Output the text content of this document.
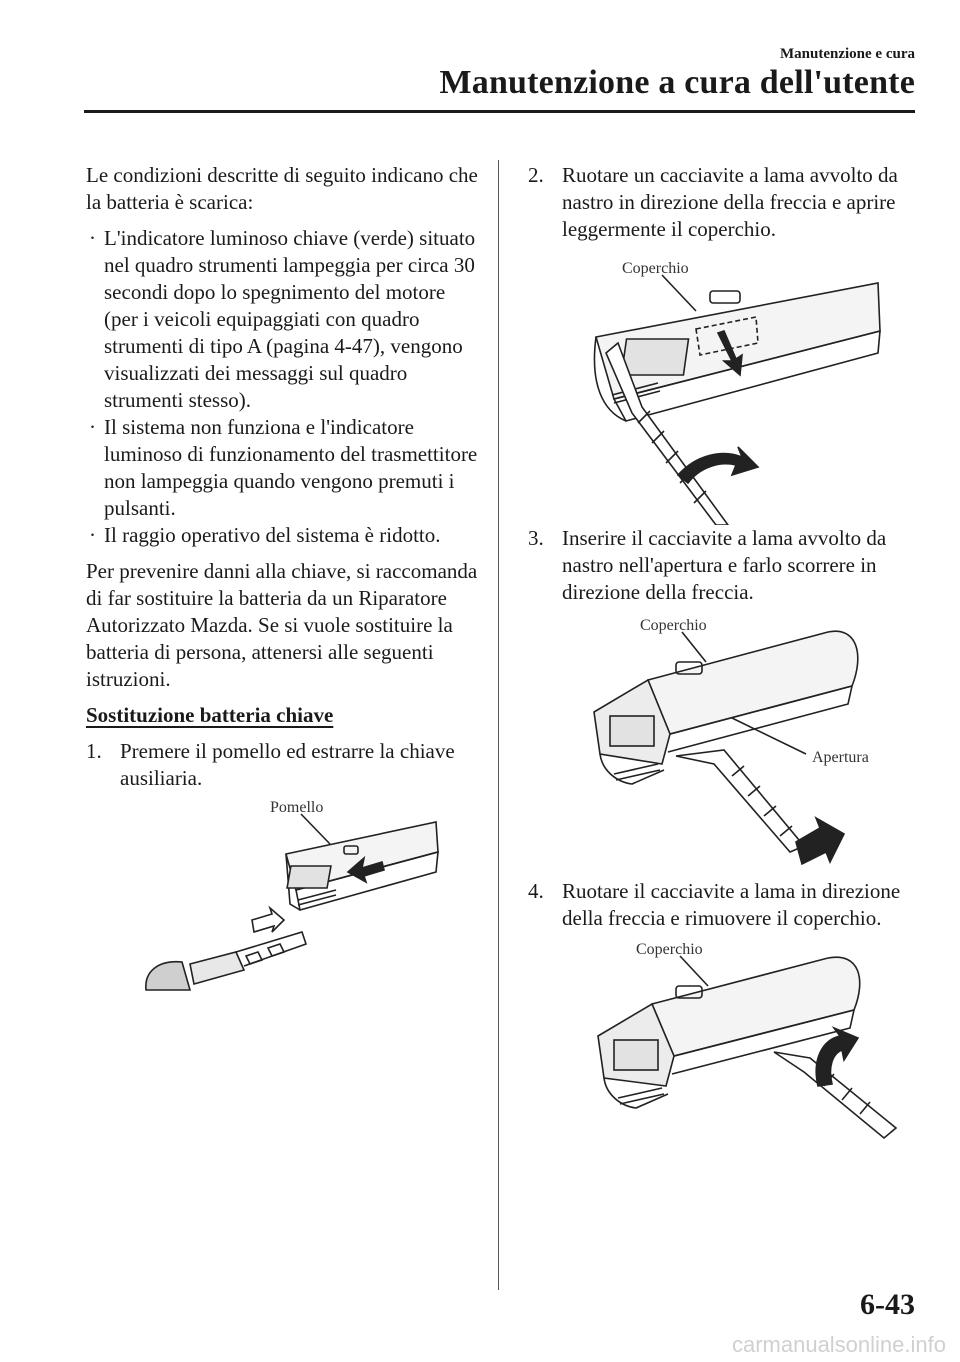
Manutenzione e cura
Manutenzione a cura dell'utente

Le condizioni descritte di seguito indicano che la batteria è scarica:

· L'indicatore luminoso chiave (verde) situato nel quadro strumenti lampeggia per circa 30 secondi dopo lo spegnimento del motore (per i veicoli equipaggiati con quadro strumenti di tipo A (pagina 4-47), vengono visualizzati dei messaggi sul quadro strumenti stesso).
· Il sistema non funziona e l'indicatore luminoso di funzionamento del trasmettitore non lampeggia quando vengono premuti i pulsanti.
· Il raggio operativo del sistema è ridotto.

Per prevenire danni alla chiave, si raccomanda di far sostituire la batteria da un Riparatore Autorizzato Mazda. Se si vuole sostituire la batteria di persona, attenersi alle seguenti istruzioni.

Sostituzione batteria chiave

1. Premere il pomello ed estrarre la chiave ausiliaria.
Pomello
2. Ruotare un cacciavite a lama avvolto da nastro in direzione della freccia e aprire leggermente il coperchio.
Coperchio
3. Inserire il cacciavite a lama avvolto da nastro nell'apertura e farlo scorrere in direzione della freccia.
Coperchio
Apertura
4. Ruotare il cacciavite a lama in direzione della freccia e rimuovere il coperchio.
Coperchio
6-43
carmanualsonline.info
